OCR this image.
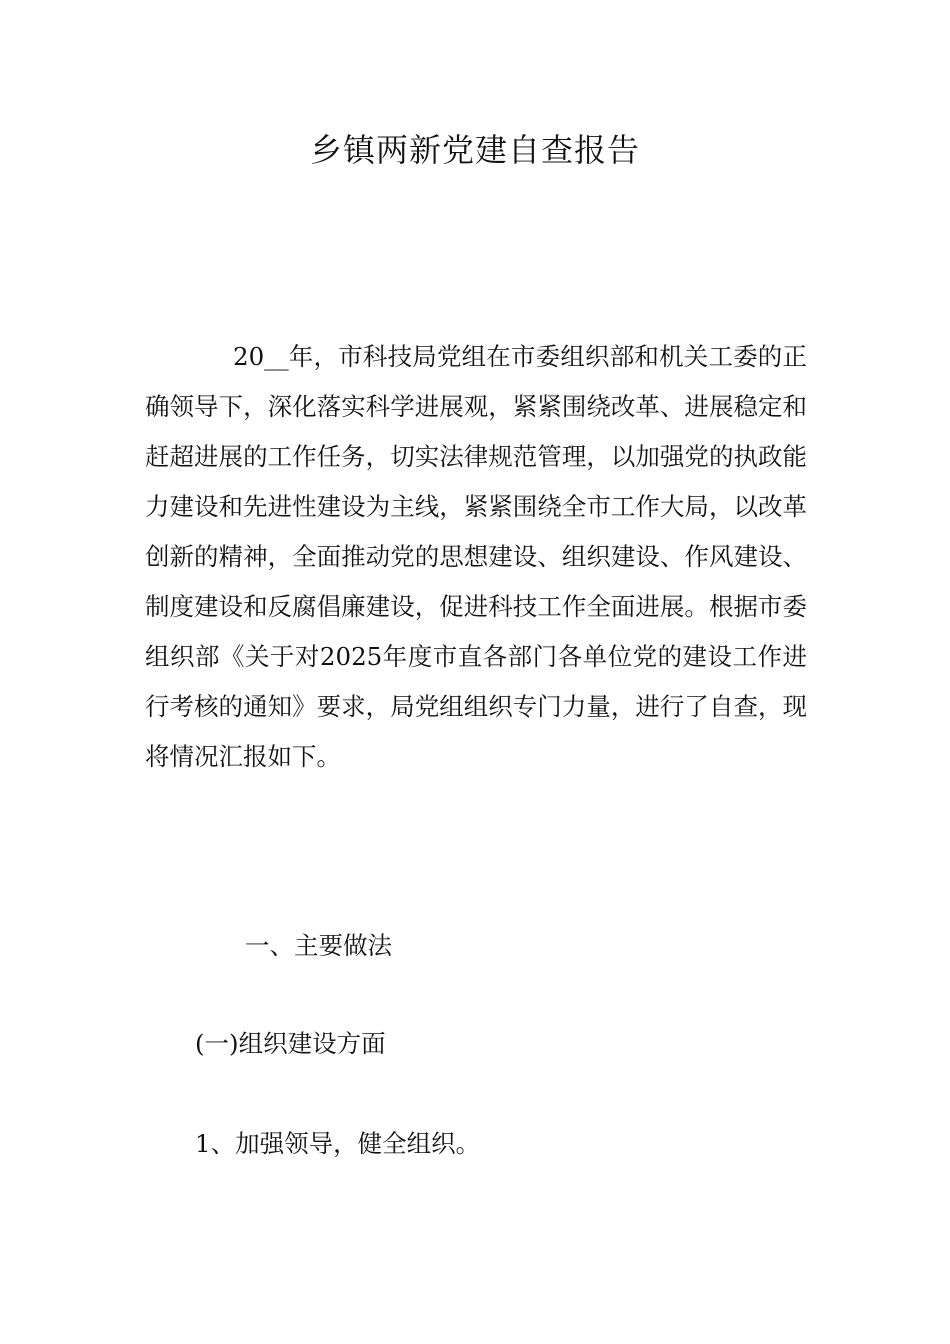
乡镇两新党建自查报告

20__年，市科技局党组在市委组织部和机关工委的正确领导下，深化落实科学进展观，紧紧围绕改革、进展稳定和赶超进展的工作任务，切实法律规范管理，以加强党的执政能力建设和先进性建设为主线，紧紧围绕全市工作大局，以改革创新的精神，全面推动党的思想建设、组织建设、作风建设、制度建设和反腐倡廉建设，促进科技工作全面进展。根据市委组织部《关于对2025年度市直各部门各单位党的建设工作进行考核的通知》要求，局党组组织专门力量，进行了自查，现将情况汇报如下。

一、主要做法

(一)组织建设方面

1、加强领导，健全组织。
